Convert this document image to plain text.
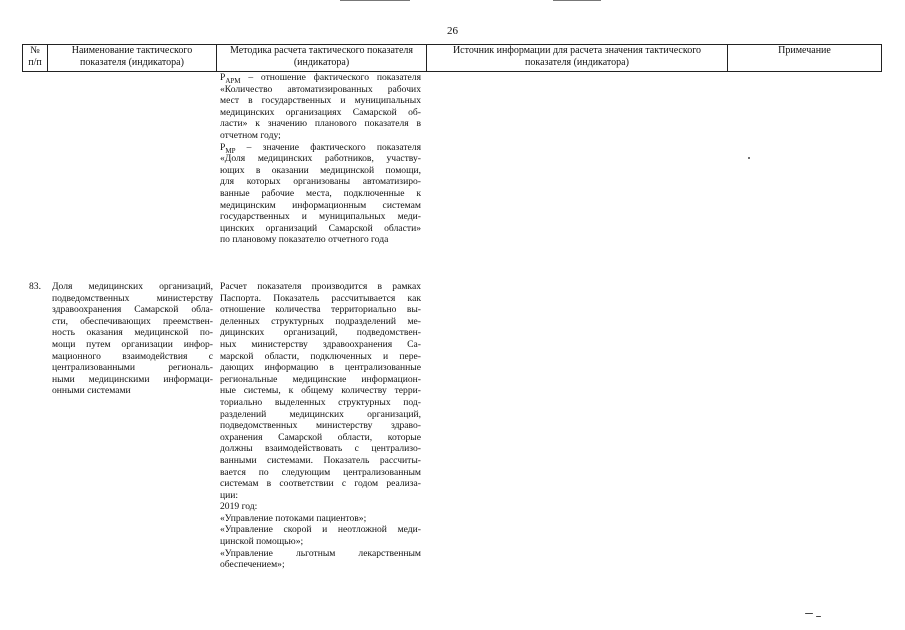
26
№
п/п
Наименование тактического
показателя (индикатора)
Методика расчета тактического показателя
(индикатора)
Источник информации для расчета значения тактического
показателя (индикатора)
Примечание
$P_{АРМ}$ – отношение фактического показателя
«Количество автоматизированных рабочих
мест в государственных и муниципальных
медицинских организациях Самарской об-
ласти» к значению планового показателя в
отчетном году;
$P_{МР}$ – значение фактического показателя
«Доля медицинских работников, участву-
ющих в оказании медицинской помощи,
для которых организованы автоматизиро-
ванные рабочие места, подключенные к
медицинским информационным системам
государственных и муниципальных меди-
цинских организаций Самарской области»
по плановому показателю отчетного года
83. Доля медицинских организаций,
подведомственных министерству
здравоохранения Самарской обла-
сти, обеспечивающих преемствен-
ность оказания медицинской по-
мощи путем организации инфор-
мационного взаимодействия с
централизованными региональ-
ными медицинскими информаци-
онными системами
Расчет показателя производится в рамках
Паспорта. Показатель рассчитывается как
отношение количества территориально вы-
деленных структурных подразделений ме-
дицинских организаций, подведомствен-
ных министерству здравоохранения Са-
марской области, подключенных и пере-
дающих информацию в централизованные
региональные медицинские информацион-
ные системы, к общему количеству терри-
ториально выделенных структурных под-
разделений медицинских организаций,
подведомственных министерству здраво-
охранения Самарской области, которые
должны взаимодействовать с централизо-
ванными системами. Показатель рассчиты-
вается по следующим централизованным
системам в соответствии с годом реализа-
ции:
2019 год:
«Управление потоками пациентов»;
«Управление скорой и неотложной меди-
цинской помощью»;
«Управление льготным лекарственным
обеспечением»;
